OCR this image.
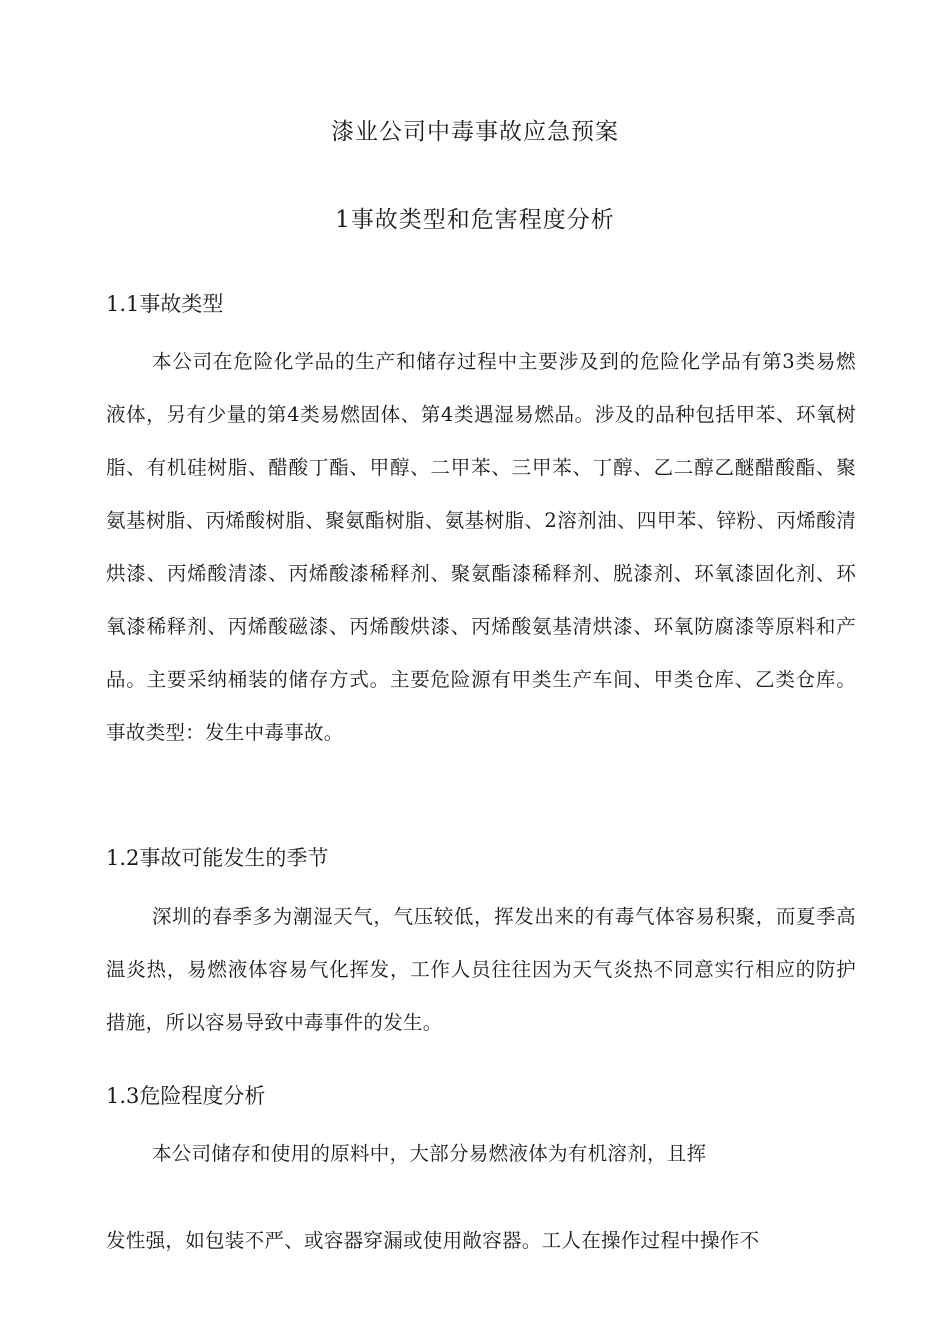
漆业公司中毒事故应急预案
1事故类型和危害程度分析
1.1事故类型

本公司在危险化学品的生产和储存过程中主要涉及到的危险化学品有第3类易燃液体，另有少量的第4类易燃固体、第4类遇湿易燃品。涉及的品种包括甲苯、环氧树脂、有机硅树脂、醋酸丁酯、甲醇、二甲苯、三甲苯、丁醇、乙二醇乙醚醋酸酯、聚氨基树脂、丙烯酸树脂、聚氨酯树脂、氨基树脂、2溶剂油、四甲苯、锌粉、丙烯酸清烘漆、丙烯酸清漆、丙烯酸漆稀释剂、聚氨酯漆稀释剂、脱漆剂、环氧漆固化剂、环氧漆稀释剂、丙烯酸磁漆、丙烯酸烘漆、丙烯酸氨基清烘漆、环氧防腐漆等原料和产品。主要采纳桶装的储存方式。主要危险源有甲类生产车间、甲类仓库、乙类仓库。事故类型：发生中毒事故。

1.2事故可能发生的季节

深圳的春季多为潮湿天气，气压较低，挥发出来的有毒气体容易积聚，而夏季高温炎热，易燃液体容易气化挥发，工作人员往往因为天气炎热不同意实行相应的防护措施，所以容易导致中毒事件的发生。

1.3危险程度分析

本公司储存和使用的原料中，大部分易燃液体为有机溶剂，且挥

发性强，如包装不严、或容器穿漏或使用敞容器。工人在操作过程中操作不
